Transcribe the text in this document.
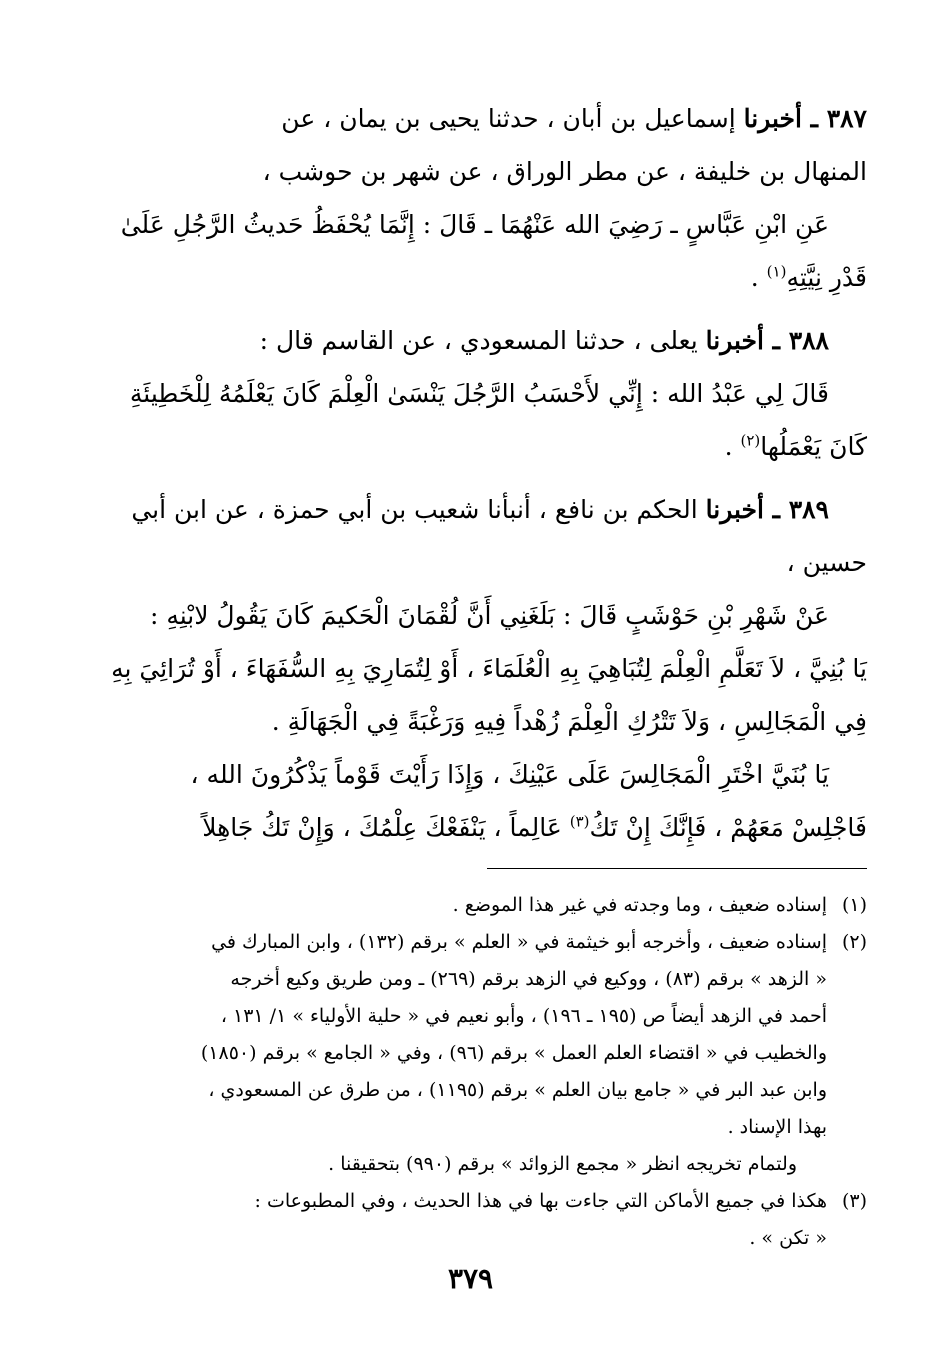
٣٨٧ ـ أخبرنا إسماعيل بن أبان ، حدثنا يحيى بن يمان ، عن
المنهال بن خليفة ، عن مطر الوراق ، عن شهر بن حوشب ،
عَنِ ابْنِ عَبَّاسٍ ـ رَضِيَ الله عَنْهُمَا ـ قَالَ : إِنَّمَا يُحْفَظُ حَديثُ الرَّجُلِ عَلَىٰ
قَدْرِ نِيَّتِهِ$^{(١)}$ .
٣٨٨ ـ أخبرنا يعلى ، حدثنا المسعودي ، عن القاسم قال :
قَالَ لِي عَبْدُ الله : إِنِّي لأَحْسَبُ الرَّجُلَ يَنْسَىٰ الْعِلْمَ كَانَ يَعْلَمُهُ لِلْخَطِيئَةِ
كَانَ يَعْمَلُها$^{(٢)}$ .
٣٨٩ ـ أخبرنا الحكم بن نافع ، أنبأنا شعيب بن أبي حمزة ، عن ابن أبي
حسين ،
عَنْ شَهْرِ بْنِ حَوْشَبٍ قَالَ : بَلَغَنِي أَنَّ لُقْمَانَ الْحَكيمَ كَانَ يَقُولُ لابْنِهِ :
يَا بُنِيَّ ، لاَ تَعَلَّمِ الْعِلْمَ لِتُبَاهِيَ بِهِ الْعُلَمَاءَ ، أَوْ لِتُمَارِيَ بِهِ السُّفَهَاءَ ، أَوْ تُرَائِيَ بِهِ
فِي الْمَجَالِسِ ، وَلاَ تَتْرُكِ الْعِلْمَ زُهْداً فِيهِ وَرَغْبَةً فِي الْجَهَالَةِ .
يَا بُنَيَّ اخْتَرِ الْمَجَالِسَ عَلَى عَيْنِكَ ، وَإِذَا رَأَيْتَ قَوْماً يَذْكُرُونَ الله ،
فَاجْلِسْ مَعَهُمْ ، فَإِنَّكَ إِنْ تَكُ$^{(٣)}$ عَالِماً ، يَنْفَعْكَ عِلْمُكَ ، وَإِنْ تَكُ جَاهِلاً
(١)
إسناده ضعيف ، وما وجدته في غير هذا الموضع .
(٢)
إسناده ضعيف ، وأخرجه أبو خيثمة في « العلم » برقم (١٣٢) ، وابن المبارك في
« الزهد » برقم (٨٣) ، ووكيع في الزهد برقم (٢٦٩) ـ ومن طريق وكيع أخرجه
أحمد في الزهد أيضاً ص (١٩٥ ـ ١٩٦) ، وأبو نعيم في « حلية الأولياء » ١/ ١٣١ ،
والخطيب في « اقتضاء العلم العمل » برقم (٩٦) ، وفي « الجامع » برقم (١٨٥٠)
وابن عبد البر في « جامع بيان العلم » برقم (١١٩٥) ، من طرق عن المسعودي ،
بهذا الإسناد .
ولتمام تخريجه انظر « مجمع الزوائد » برقم (٩٩٠) بتحقيقنا .
(٣)
هكذا في جميع الأماكن التي جاءت بها في هذا الحديث ، وفي المطبوعات :
« تكن » .
٣٧٩
